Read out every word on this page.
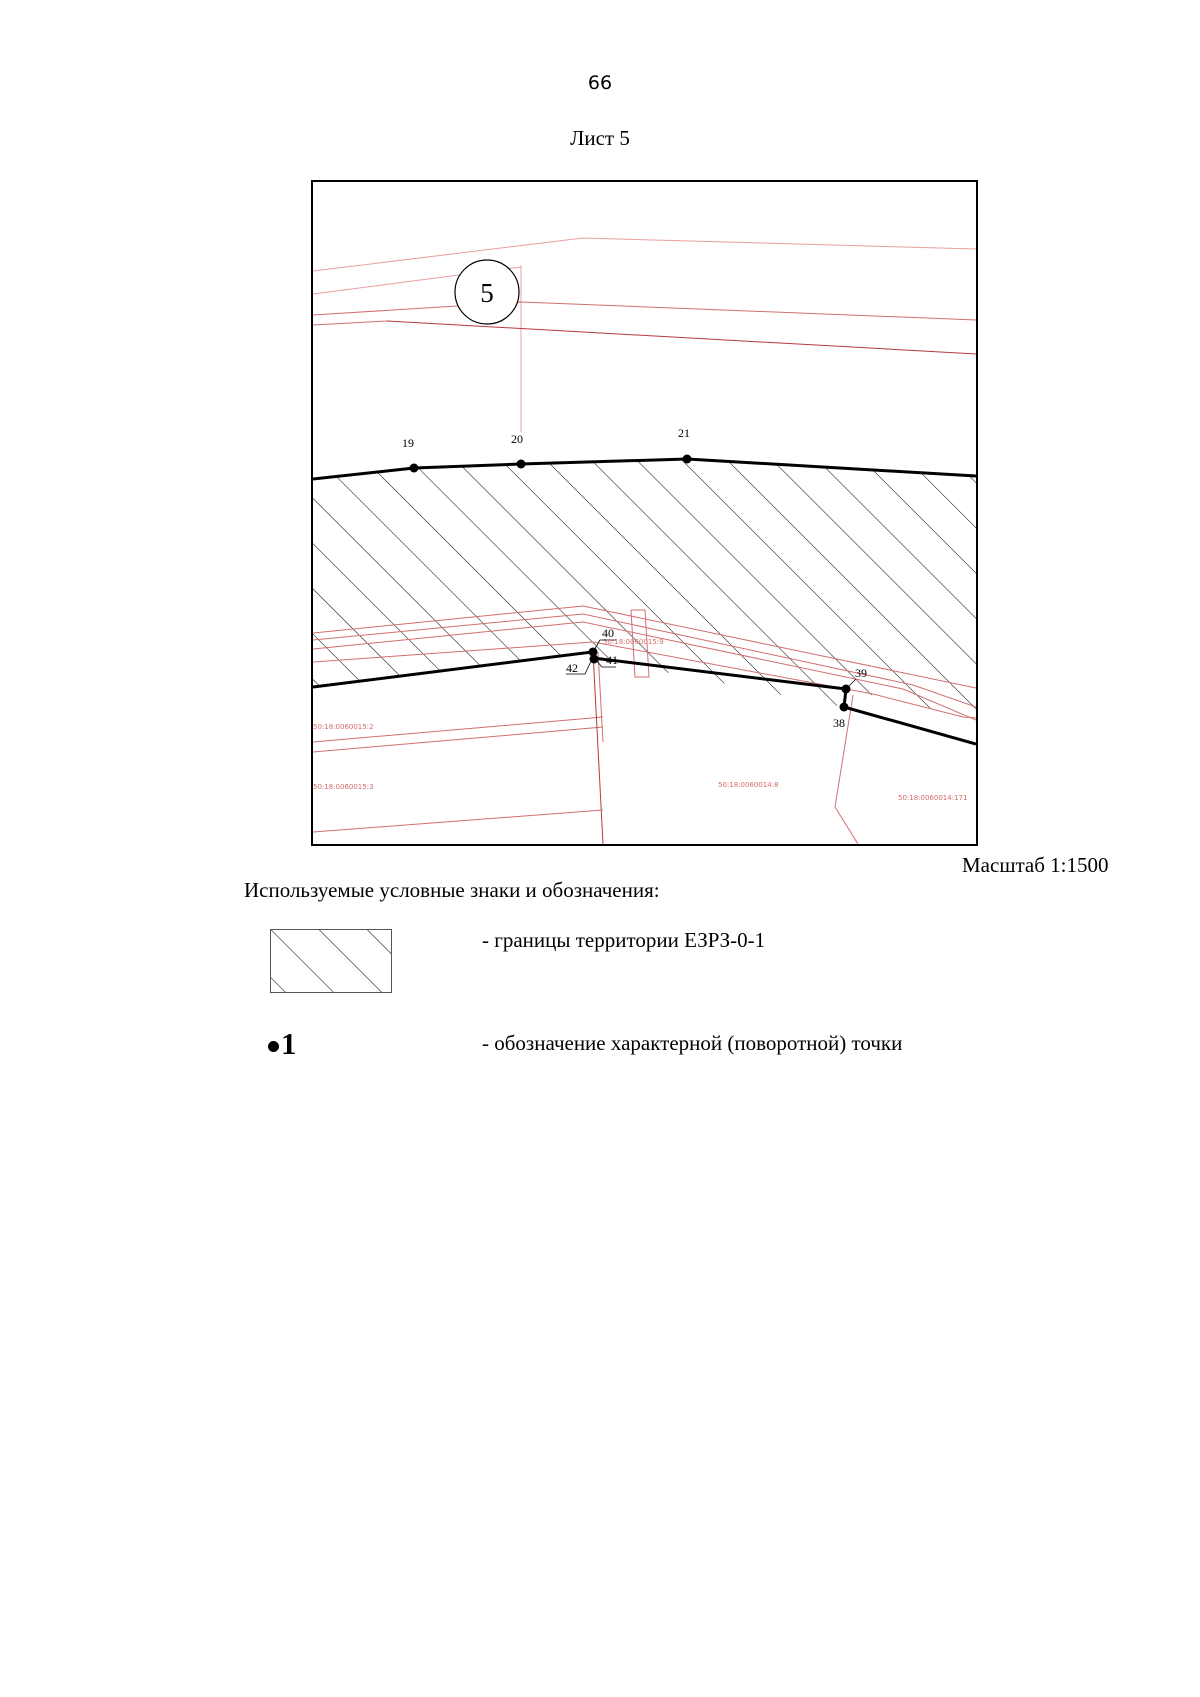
66
Лист 5
5
19	20	21
40
41
42	39
38
50:18:0060015:9
50:18:0060015:2
50:18:0060015:3	50:18:0060014:8
50:18:0060014:171
Масштаб 1:1500
Используемые условные знаки и обозначения:
- границы территории ЕЗРЗ-0-1
1	- обозначение характерной (поворотной) точки
